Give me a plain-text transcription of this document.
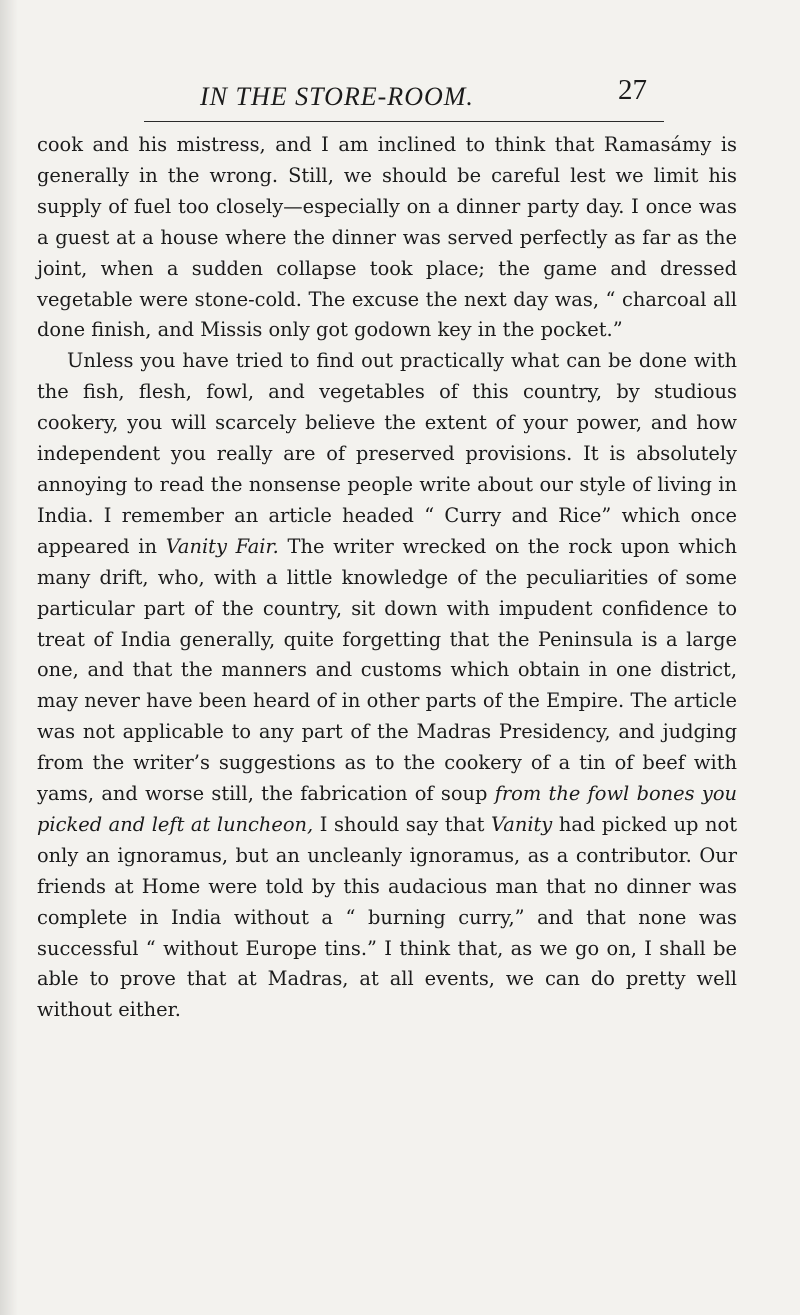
IN THE STORE-ROOM.	27

cook and his mistress, and I am inclined to think that Ramasámy is generally in the wrong. Still, we should be careful lest we limit his supply of fuel too closely—especially on a dinner party day. I once was a guest at a house where the dinner was served perfectly as far as the joint, when a sudden collapse took place; the game and dressed vegetable were stone-cold. The excuse the next day was, “ charcoal all done finish, and Missis only got godown key in the pocket.”

Unless you have tried to find out practically what can be done with the fish, flesh, fowl, and vegetables of this country, by studious cookery, you will scarcely believe the extent of your power, and how independent you really are of preserved provisions. It is absolutely annoying to read the nonsense people write about our style of living in India. I remember an article headed “ Curry and Rice” which once appeared in Vanity Fair. The writer wrecked on the rock upon which many drift, who, with a little knowledge of the peculiarities of some particular part of the country, sit down with impudent confidence to treat of India generally, quite forgetting that the Peninsula is a large one, and that the manners and customs which obtain in one district, may never have been heard of in other parts of the Empire. The article was not applicable to any part of the Madras Presidency, and judging from the writer’s suggestions as to the cookery of a tin of beef with yams, and worse still, the fabrication of soup from the fowl bones you picked and left at luncheon, I should say that Vanity had picked up not only an ignoramus, but an uncleanly ignoramus, as a contributor. Our friends at Home were told by this audacious man that no dinner was complete in India without a “ burning curry,” and that none was successful “ without Europe tins.” I think that, as we go on, I shall be able to prove that at Madras, at all events, we can do pretty well without either.
